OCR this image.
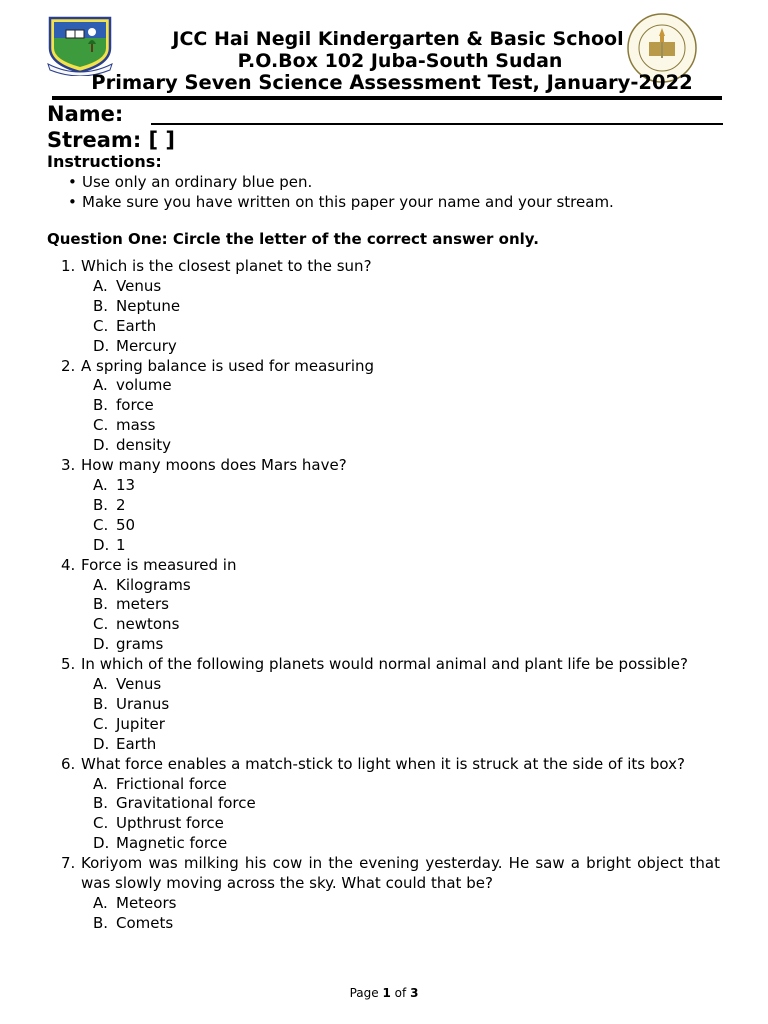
JCC Hai Negil Kindergarten & Basic School
P.O.Box 102 Juba-South Sudan
Primary Seven Science Assessment Test, January-2022
Name:
Stream: [ ]
Instructions:
• Use only an ordinary blue pen.
• Make sure you have written on this paper your name and your stream.
Question One: Circle the letter of the correct answer only.
1. Which is the closest planet to the sun?
A. Venus
B. Neptune
C. Earth
D. Mercury
2. A spring balance is used for measuring
A. volume
B. force
C. mass
D. density
3. How many moons does Mars have?
A. 13
B. 2
C. 50
D. 1
4. Force is measured in
A. Kilograms
B. meters
C. newtons
D. grams
5. In which of the following planets would normal animal and plant life be possible?
A. Venus
B. Uranus
C. Jupiter
D. Earth
6. What force enables a match-stick to light when it is struck at the side of its box?
A. Frictional force
B. Gravitational force
C. Upthrust force
D. Magnetic force
7. Koriyom was milking his cow in the evening yesterday. He saw a bright object that was slowly moving across the sky. What could that be?
A. Meteors
B. Comets
Page 1 of 3
